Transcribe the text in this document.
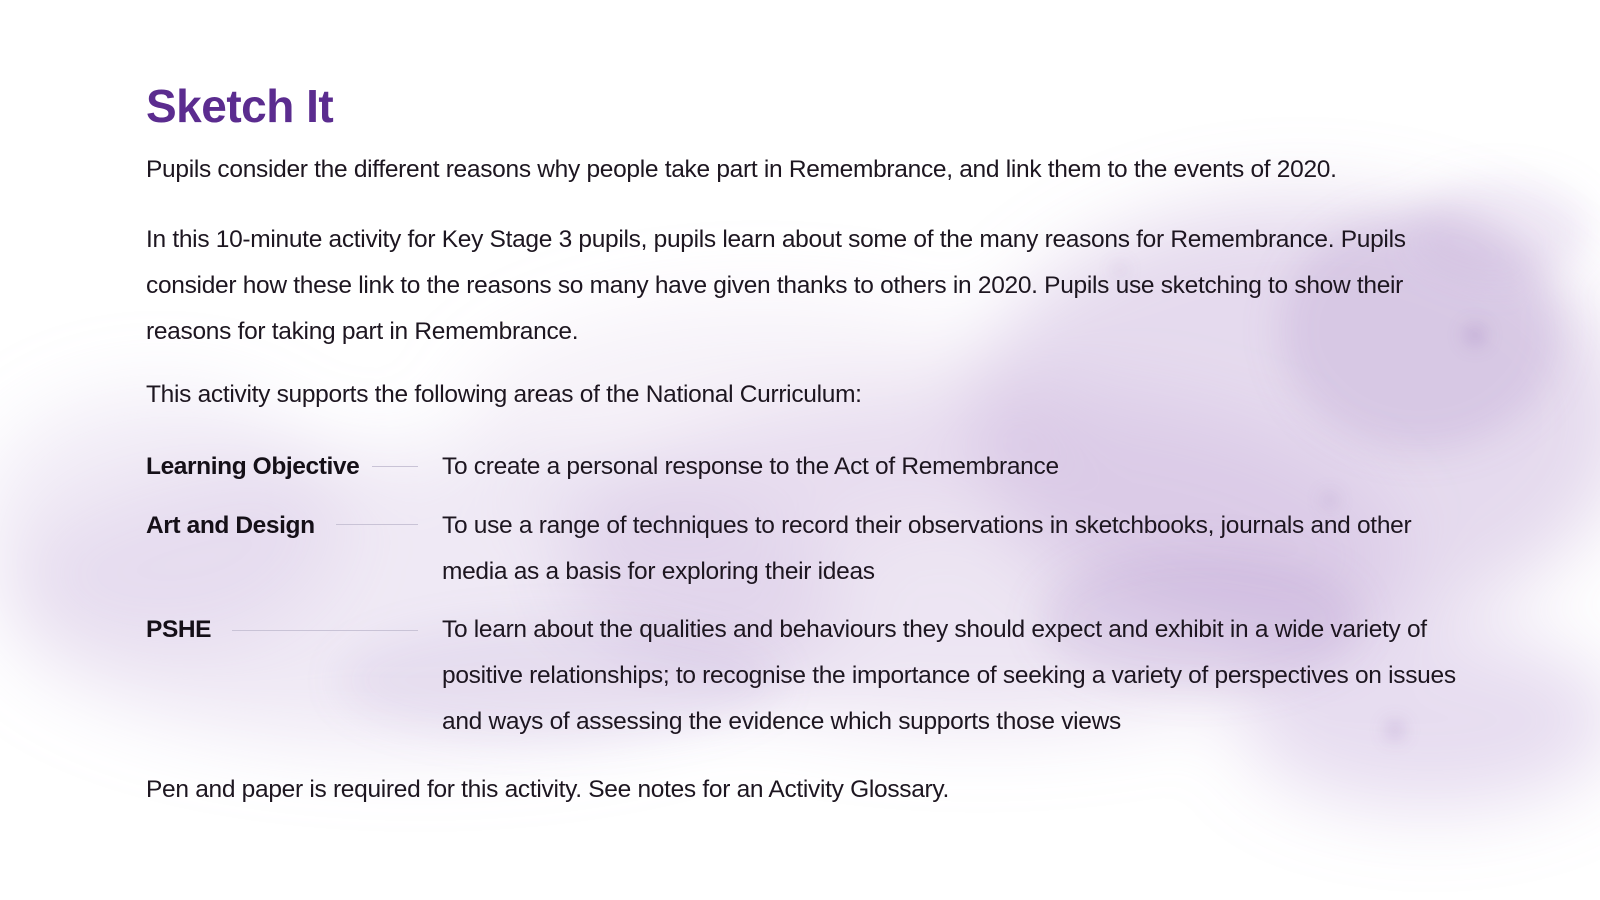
Sketch It

Pupils consider the different reasons why people take part in Remembrance, and link them to the events of 2020.

In this 10-minute activity for Key Stage 3 pupils, pupils learn about some of the many reasons for Remembrance. Pupils consider how these link to the reasons so many have given thanks to others in 2020. Pupils use sketching to show their reasons for taking part in Remembrance.

This activity supports the following areas of the National Curriculum:

Learning Objective	To create a personal response to the Act of Remembrance

Art and Design	To use a range of techniques to record their observations in sketchbooks, journals and other media as a basis for exploring their ideas

PSHE	To learn about the qualities and behaviours they should expect and exhibit in a wide variety of positive relationships; to recognise the importance of seeking a variety of perspectives on issues and ways of assessing the evidence which supports those views

Pen and paper is required for this activity. See notes for an Activity Glossary.
